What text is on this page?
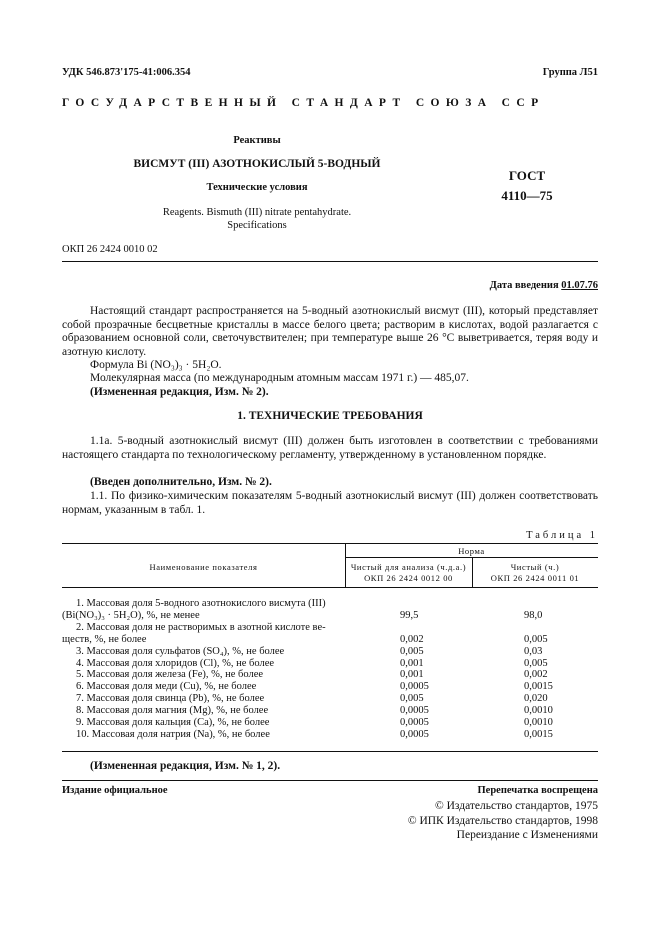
УДК 546.873'175-41:006.354	Группа Л51
ГОСУДАРСТВЕННЫЙ СТАНДАРТ СОЮЗА ССР
Реактивы
ВИСМУТ (III) АЗОТНОКИСЛЫЙ 5-ВОДНЫЙ
Технические условия
Reagents. Bismuth (III) nitrate pentahydrate.
Specifications
ГОСТ
4110—75
ОКП 26 2424 0010 02
Дата введения 01.07.76
Настоящий стандарт распространяется на 5-водный азотнокислый висмут (III), который представляет собой прозрачные бесцветные кристаллы в массе белого цвета; растворим в кислотах, водой разлагается с образованием основной соли, светочувствителен; при температуре выше 26 °С выветривается, теряя воду и азотную кислоту.
Формула Bi (NO₃)₃ · 5H₂O.
Молекулярная масса (по международным атомным массам 1971 г.) — 485,07.
(Измененная редакция, Изм. № 2).
1. ТЕХНИЧЕСКИЕ ТРЕБОВАНИЯ
1.1а. 5-водный азотнокислый висмут (III) должен быть изготовлен в соответствии с требованиями настоящего стандарта по технологическому регламенту, утвержденному в установленном порядке.
(Введен дополнительно, Изм. № 2).
1.1. По физико-химическим показателям 5-водный азотнокислый висмут (III) должен соответствовать нормам, указанным в табл. 1.
Таблица 1
Наименование показателя
Норма
Чистый для анализа (ч.д.а.)
ОКП 26 2424 0012 00
Чистый (ч.)
ОКП 26 2424 0011 01
1. Массовая доля 5-водного азотнокислого висмута (III)
(Bi(NO₃)₃ · 5H₂O), %, не менее	99,5	98,0
2. Массовая доля не растворимых в азотной кислоте ве-
ществ, %, не более	0,002	0,005
3. Массовая доля сульфатов (SO₄), %, не более	0,005	0,03
4. Массовая доля хлоридов (Cl), %, не более	0,001	0,005
5. Массовая доля железа (Fe), %, не более	0,001	0,002
6. Массовая доля меди (Cu), %, не более	0,0005	0,0015
7. Массовая доля свинца (Pb), %, не более	0,005	0,020
8. Массовая доля магния (Mg), %, не более	0,0005	0,0010
9. Массовая доля кальция (Ca), %, не более	0,0005	0,0010
10. Массовая доля натрия (Na), %, не более	0,0005	0,0015
(Измененная редакция, Изм. № 1, 2).
Издание официальное	Перепечатка воспрещена
© Издательство стандартов, 1975
© ИПК Издательство стандартов, 1998
Переиздание с Изменениями
